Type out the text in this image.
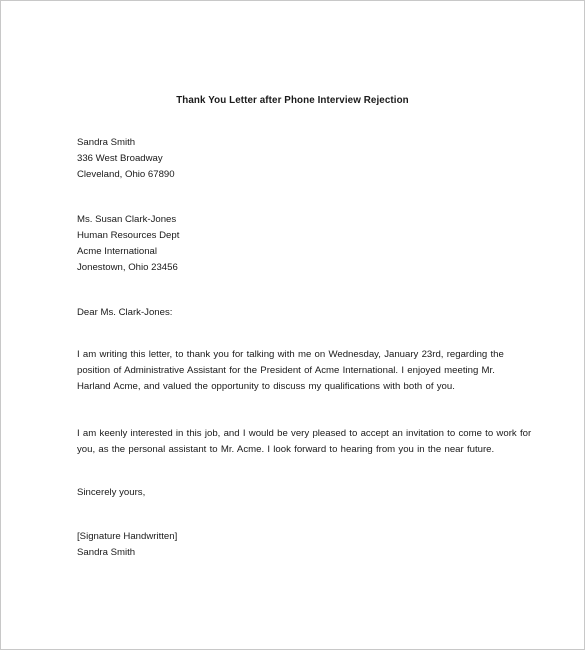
Thank You Letter after Phone Interview Rejection
Sandra Smith
336 West Broadway
Cleveland, Ohio 67890
Ms. Susan Clark-Jones
Human Resources Dept
Acme International
Jonestown, Ohio 23456
Dear Ms. Clark-Jones:
I am writing this letter, to thank you for talking with me on Wednesday, January 23rd, regarding the
position of Administrative Assistant for the President of Acme International. I enjoyed meeting Mr.
Harland Acme, and valued the opportunity to discuss my qualifications with both of you.
I am keenly interested in this job, and I would be very pleased to accept an invitation to come to work for
you, as the personal assistant to Mr. Acme. I look forward to hearing from you in the near future.
Sincerely yours,
[Signature Handwritten]
Sandra Smith
